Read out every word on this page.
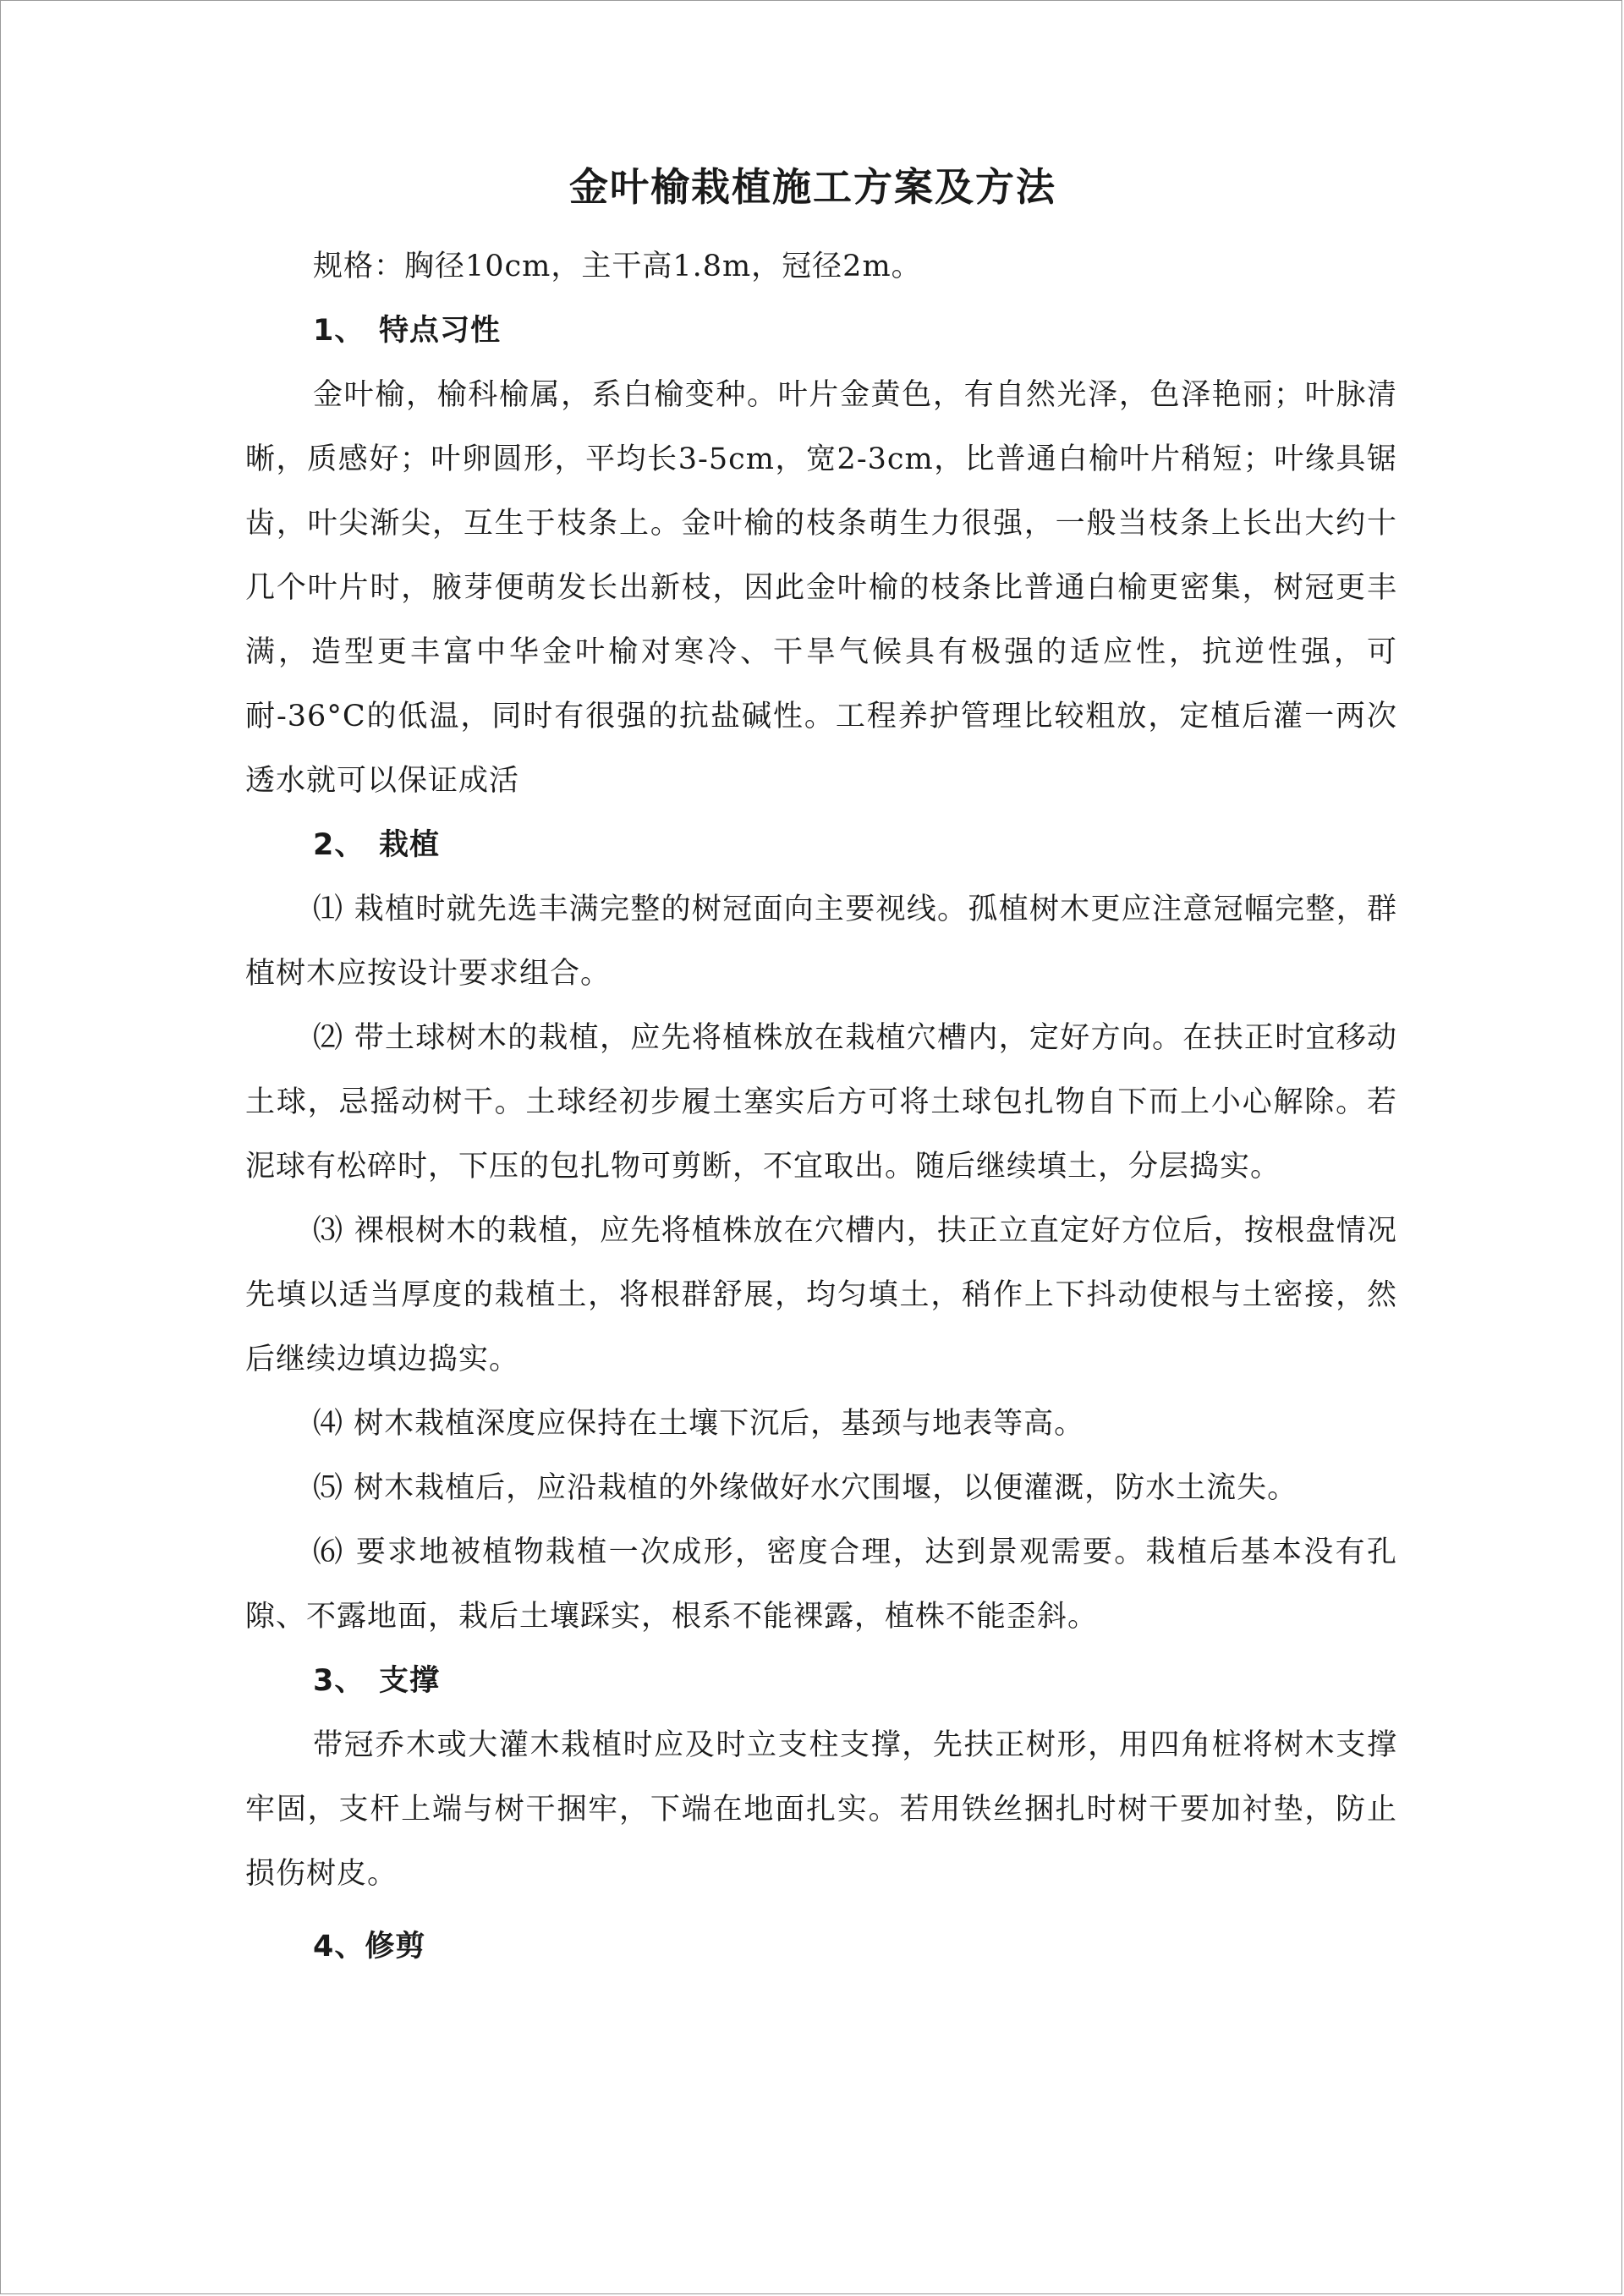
金叶榆栽植施工方案及方法

规格：胸径10cm，主干高1.8m，冠径2m。

1、 特点习性

金叶榆，榆科榆属，系白榆变种。叶片金黄色，有自然光泽，色泽艳丽；叶脉清晰，质感好；叶卵圆形，平均长3-5cm，宽2-3cm，比普通白榆叶片稍短；叶缘具锯齿，叶尖渐尖，互生于枝条上。金叶榆的枝条萌生力很强，一般当枝条上长出大约十几个叶片时，腋芽便萌发长出新枝，因此金叶榆的枝条比普通白榆更密集，树冠更丰满，造型更丰富中华金叶榆对寒冷、干旱气候具有极强的适应性，抗逆性强，可耐-36°C的低温，同时有很强的抗盐碱性。工程养护管理比较粗放，定植后灌一两次透水就可以保证成活

2、 栽植

⑴ 栽植时就先选丰满完整的树冠面向主要视线。孤植树木更应注意冠幅完整，群植树木应按设计要求组合。

⑵ 带土球树木的栽植，应先将植株放在栽植穴槽内，定好方向。在扶正时宜移动土球，忌摇动树干。土球经初步履土塞实后方可将土球包扎物自下而上小心解除。若泥球有松碎时，下压的包扎物可剪断，不宜取出。随后继续填土，分层捣实。

⑶ 裸根树木的栽植，应先将植株放在穴槽内，扶正立直定好方位后，按根盘情况先填以适当厚度的栽植土，将根群舒展，均匀填土，稍作上下抖动使根与土密接，然后继续边填边捣实。

⑷ 树木栽植深度应保持在土壤下沉后，基颈与地表等高。

⑸ 树木栽植后，应沿栽植的外缘做好水穴围堰，以便灌溉，防水土流失。

⑹ 要求地被植物栽植一次成形，密度合理，达到景观需要。栽植后基本没有孔隙、不露地面，栽后土壤踩实，根系不能裸露，植株不能歪斜。

3、 支撑

带冠乔木或大灌木栽植时应及时立支柱支撑，先扶正树形，用四角桩将树木支撑牢固，支杆上端与树干捆牢，下端在地面扎实。若用铁丝捆扎时树干要加衬垫，防止损伤树皮。

4、修剪
